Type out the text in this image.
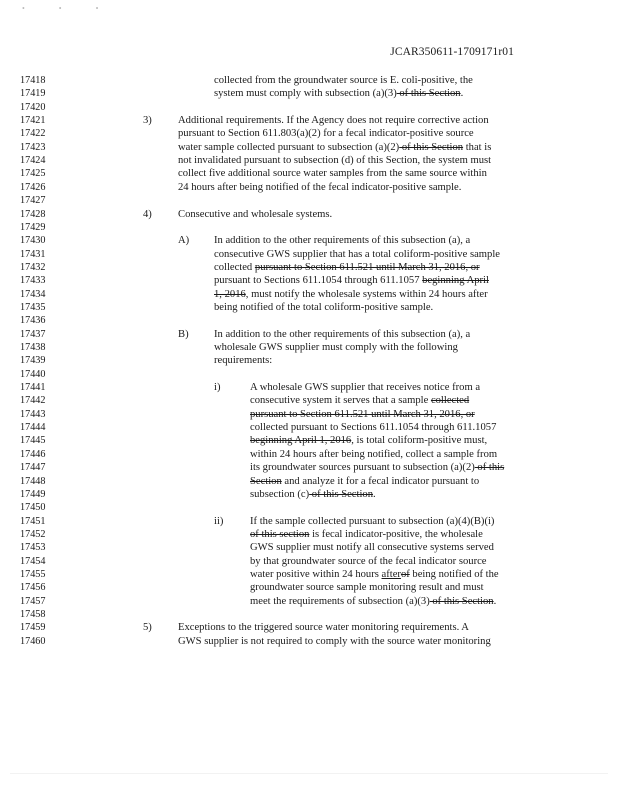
• • •
JCAR350611-1709171r01
17418	collected from the groundwater source is E. coli-positive, the
17419	system must comply with subsection (a)(3) of this Section.
17420
17421	3) Additional requirements. If the Agency does not require corrective action
17422	pursuant to Section 611.803(a)(2) for a fecal indicator-positive source
17423	water sample collected pursuant to subsection (a)(2) of this Section that is
17424	not invalidated pursuant to subsection (d) of this Section, the system must
17425	collect five additional source water samples from the same source within
17426	24 hours after being notified of the fecal indicator-positive sample.
17427
17428	4) Consecutive and wholesale systems.
17429
17430	A) In addition to the other requirements of this subsection (a), a
17431	consecutive GWS supplier that has a total coliform-positive sample
17432	collected pursuant to Section 611.521 until March 31, 2016, or
17433	pursuant to Sections 611.1054 through 611.1057 beginning April
17434	1, 2016, must notify the wholesale systems within 24 hours after
17435	being notified of the total coliform-positive sample.
17436
17437	B) In addition to the other requirements of this subsection (a), a
17438	wholesale GWS supplier must comply with the following
17439	requirements:
17440
17441	i)	A wholesale GWS supplier that receives notice from a
17442	consecutive system it serves that a sample collected
17443	pursuant to Section 611.521 until March 31, 2016, or
17444	collected pursuant to Sections 611.1054 through 611.1057
17445	beginning April 1, 2016, is total coliform-positive must,
17446	within 24 hours after being notified, collect a sample from
17447	its groundwater sources pursuant to subsection (a)(2) of this
17448	Section and analyze it for a fecal indicator pursuant to
17449	subsection (c) of this Section.
17450
17451	ii)	If the sample collected pursuant to subsection (a)(4)(B)(i)
17452	of this section is fecal indicator-positive, the wholesale
17453	GWS supplier must notify all consecutive systems served
17454	by that groundwater source of the fecal indicator source
17455	water positive within 24 hours afterof being notified of the
17456	groundwater source sample monitoring result and must
17457	meet the requirements of subsection (a)(3) of this Section.
17458
17459	5) Exceptions to the triggered source water monitoring requirements. A
17460	GWS supplier is not required to comply with the source water monitoring
